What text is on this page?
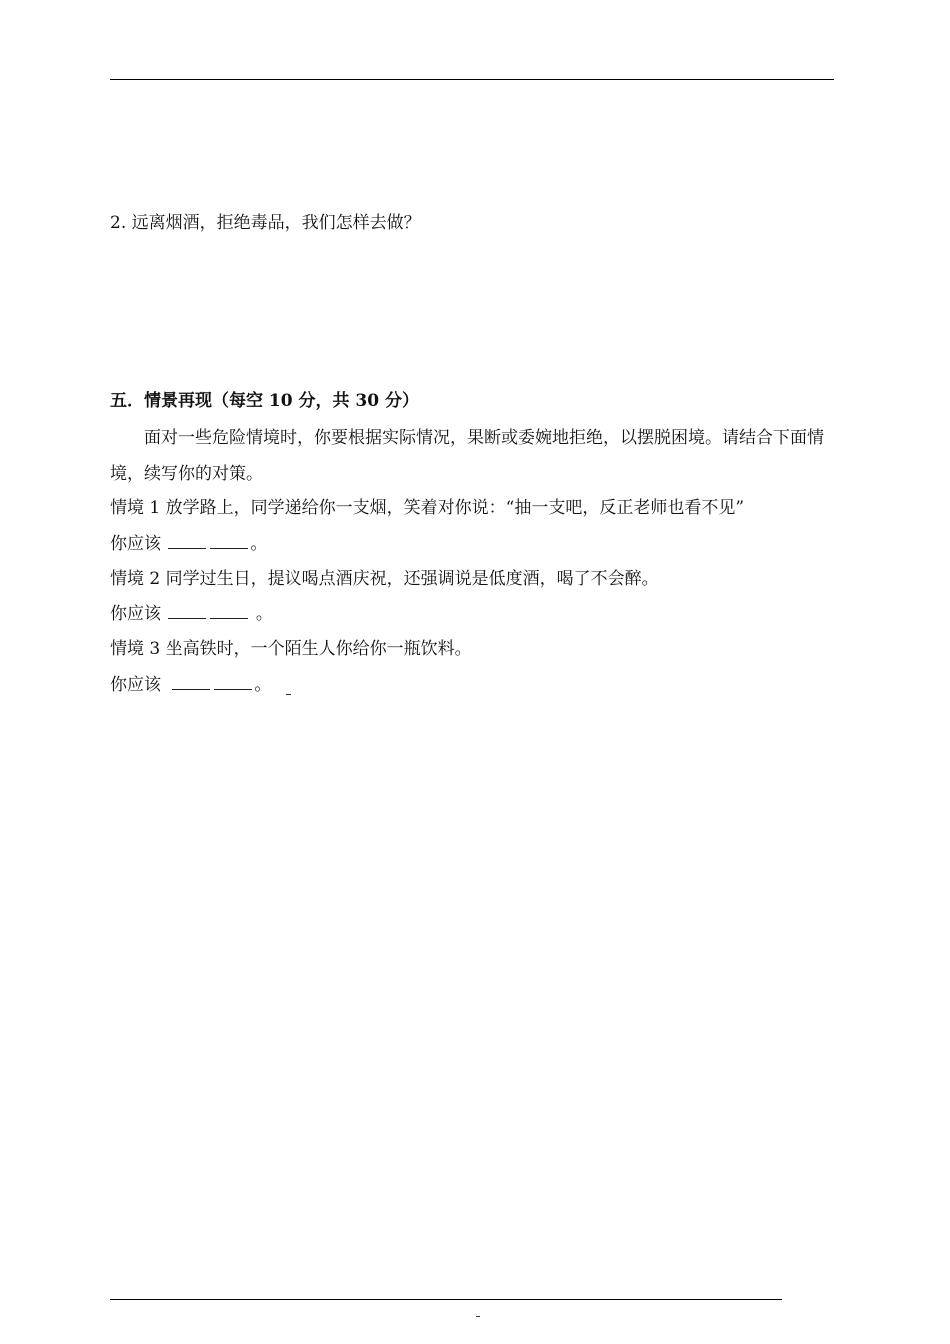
2. 远离烟酒，拒绝毒品，我们怎样去做？
五．情景再现（每空 10 分，共 30 分）
面对一些危险情境时，你要根据实际情况，果断或委婉地拒绝，以摆脱困境。请结合下面情境，续写你的对策。
情境 1 放学路上，同学递给你一支烟，笑着对你说：“抽一支吧，反正老师也看不见”
你应该	。
情境 2 同学过生日，提议喝点酒庆祝，还强调说是低度酒，喝了不会醉。
你应该	。
情境 3 坐高铁时，一个陌生人你给你一瓶饮料。
你应该	。
